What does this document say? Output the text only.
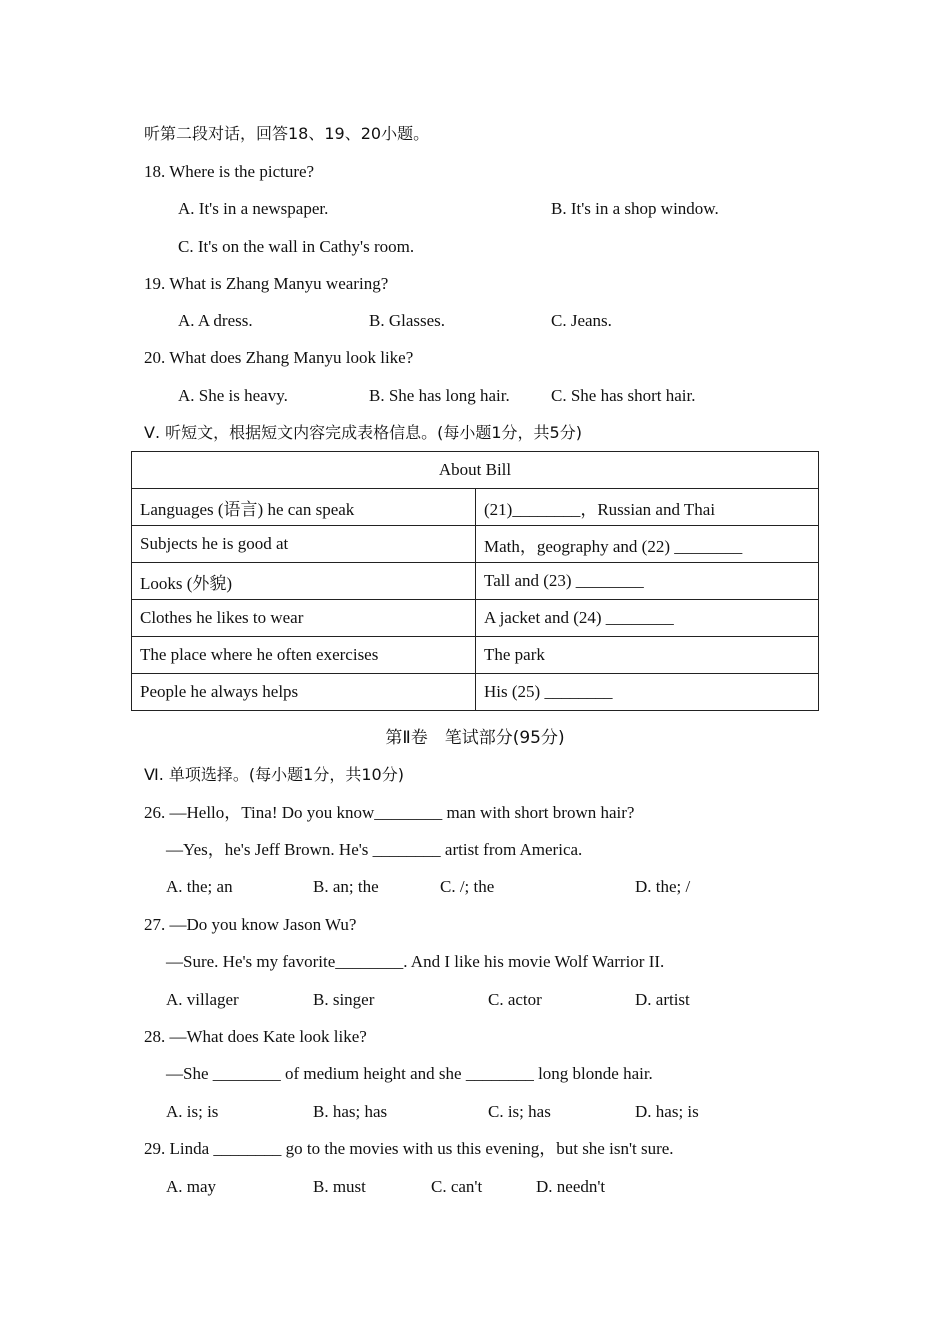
听第二段对话，回答18、19、20小题。
18. Where is the picture?
A. It's in a newspaper.	B. It's in a shop window.
C. It's on the wall in Cathy's room.
19. What is Zhang Manyu wearing?
A. A dress.	B. Glasses.	C. Jeans.
20. What does Zhang Manyu look like?
A. She is heavy.	B. She has long hair. C. She has short hair.
Ⅴ. 听短文，根据短文内容完成表格信息。(每小题1分，共5分)
About Bill	
Languages (语言) he can speak	(21)________，Russian and Thai
Subjects he is good at	Math，geography and (22) ________
Looks (外貌)	Tall and (23) ________
Clothes he likes to wear	A jacket and (24) ________
The place where he often exercises	The park
People he always helps	His (25) ________
第Ⅱ卷　笔试部分(95分)
Ⅵ. 单项选择。(每小题1分，共10分)
26. —Hello，Tina! Do you know________ man with short brown hair?
—Yes，he's Jeff Brown. He's ________ artist from America.
A. the; an	B. an; the	C. /; the	D. the; /
27. —Do you know Jason Wu?
—Sure. He's my favorite________. And I like his movie Wolf Warrior II.
A. villager	B. singer	C. actor	D. artist
28. —What does Kate look like?
—She ________ of medium height and she ________ long blonde hair.
A. is; is	B. has; has	C. is; has	D. has; is
29. Linda ________ go to the movies with us this evening，but she isn't sure.
A. may	B. must	C. can't	D. needn't
